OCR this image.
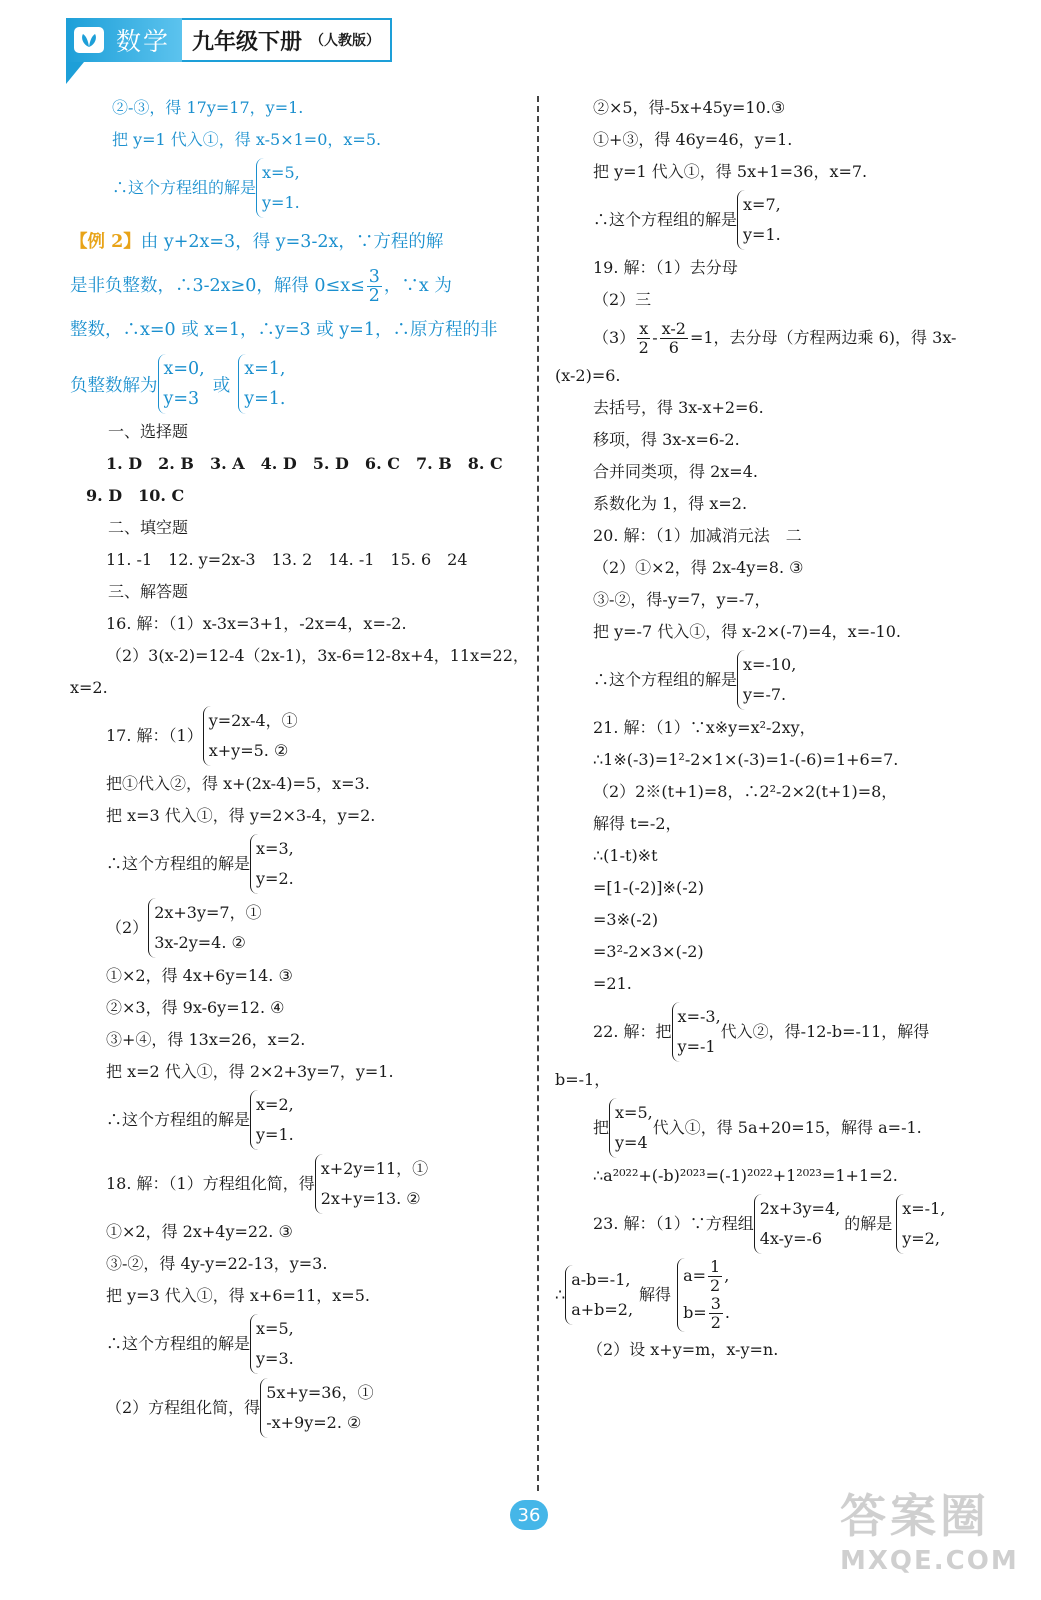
数学 九年级下册 （人教版）
②-③，得 17y=17，y=1.
把 y=1 代入①，得 x-5×1=0，x=5.
∴这个方程组的解是
x=5,
y=1.
【例 2】由 y+2x=3，得 y=3-2x，∵方程的解
是非负整数，∴3-2x≥0，解得 $0\le x\le \frac{3}{2}$ ，∵x 为
整数，∴x=0 或 x=1，∴y=3 或 y=1，∴原方程的非
负整数解为
x=0,
y=3
或
x=1,
y=1.
一、选择题
1. D　2. B　3. A　4. D　5. D　6. C　7. B　8. C
9. D　10. C
二、填空题
11. -1　12. y=2x-3　13. 2　14. -1　15. 6　24
三、解答题
16. 解：（1）x-3x=3+1，-2x=4，x=-2.
（2）3(x-2)=12-4（2x-1)，3x-6=12-8x+4，11x=22，
x=2.
17. 解：（1）
y=2x-4，①
x+y=5. ②
把①代入②，得 x+(2x-4)=5，x=3.
把 x=3 代入①，得 y=2×3-4，y=2.
∴这个方程组的解是
x=3,
y=2.
（2）
2x+3y=7，①
3x-2y=4. ②
①×2，得 4x+6y=14. ③
②×3，得 9x-6y=12. ④
③+④，得 13x=26，x=2.
把 x=2 代入①，得 2×2+3y=7，y=1.
∴这个方程组的解是
x=2,
y=1.
18. 解：（1）方程组化简，得
x+2y=11，①
2x+y=13. ②
①×2，得 2x+4y=22. ③
③-②，得 4y-y=22-13，y=3.
把 y=3 代入①，得 x+6=11，x=5.
∴这个方程组的解是
x=5,
y=3.
（2）方程组化简，得
5x+y=36，①
-x+9y=2. ②
②×5，得-5x+45y=10.③
①+③，得 46y=46，y=1.
把 y=1 代入①，得 5x+1=36，x=7.
∴这个方程组的解是
x=7,
y=1.
19. 解：（1）去分母
（2）三
$(3) \frac{x}{2} - \frac{x-2}{6} =1$，去分母（方程两边乘 6)，得 3x-
(x-2)=6.
去括号，得 3x-x+2=6.
移项，得 3x-x=6-2.
合并同类项，得 2x=4.
系数化为 1，得 x=2.
20. 解：（1）加减消元法　二
（2）①×2，得 2x-4y=8. ③
③-②，得-y=7，y=-7，
把 y=-7 代入①，得 x-2×(-7)=4，x=-10.
∴这个方程组的解是
x=-10,
y=-7.
21. 解：（1）∵x※y=x²-2xy，
∴1※(-3)=1²-2×1×(-3)=1-(-6)=1+6=7.
（2）2※(t+1)=8，∴2²-2×2(t+1)=8，
解得 t=-2，
∴(1-t)※t
=[1-(-2)]※(-2)
=3※(-2)
=3²-2×3×(-2)
=21.
22. 解：把
x=-3,
y=-1
代入②，得-12-b=-11，解得
b=-1，
把
x=5,
y=4
代入①，得 5a+20=15，解得 a=-1.
∴a²⁰²²+(-b)²⁰²³=(-1)²⁰²²+1²⁰²³=1+1=2.
23. 解：（1）∵方程组
2x+3y=4,
4x-y=-6
的解是
x=-1,
y=2,
∴
a-b=-1,
a+b=2,
解得
$a= \frac{1}{2}$ ,
$b= \frac{3}{2}$ .
（2）设 x+y=m，x-y=n.
36	答案圈
MXQE.COM
